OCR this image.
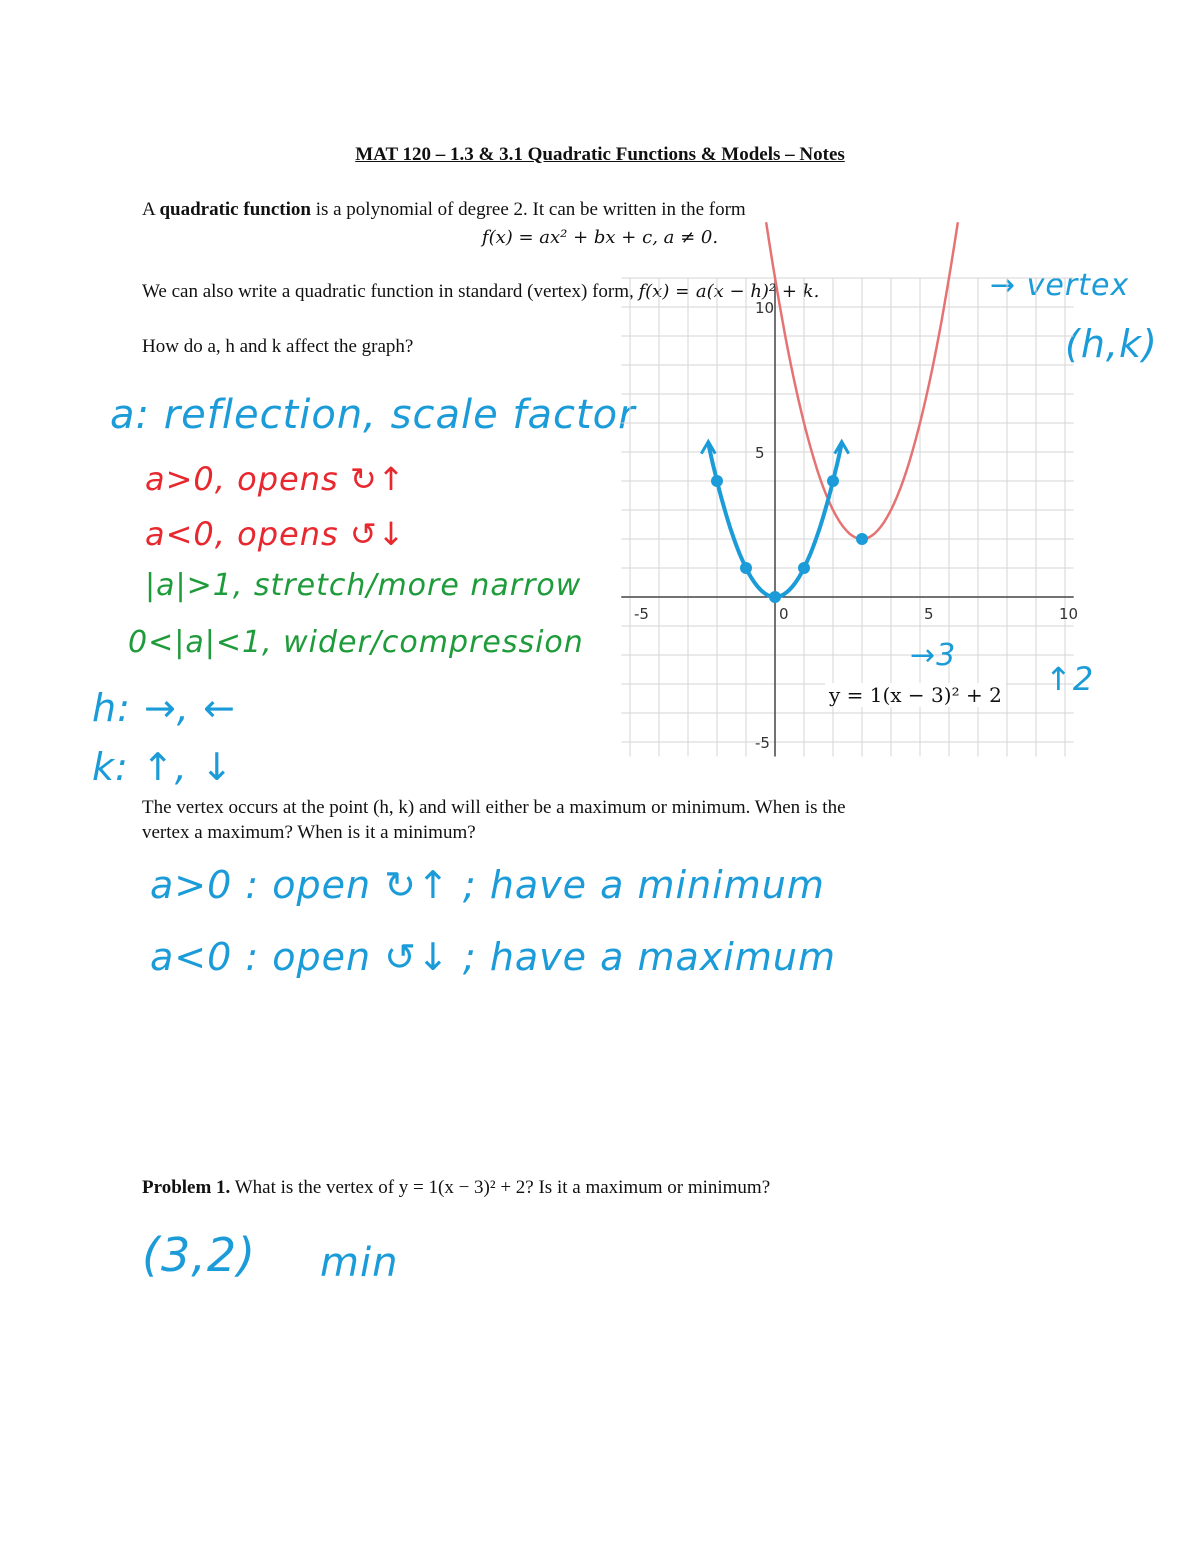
MAT 120 – 1.3 & 3.1 Quadratic Functions & Models – Notes
A quadratic function is a polynomial of degree 2. It can be written in the form
f(x) = ax² + bx + c, a ≠ 0.
We can also write a quadratic function in standard (vertex) form, f(x) = a(x − h)² + k.
How do a, h and k affect the graph?
→ vertex
(h,k)
a: reflection, scale factor
a>0, opens ↻↑
a<0, opens ↺↓
|a|>1, stretch/more narrow
0<|a|<1, wider/compression
h: →, ←
k: ↑, ↓
-5	0	5	10
10
5
-5
→3
↑2
y = 1(x − 3)² + 2
The vertex occurs at the point (h, k) and will either be a maximum or minimum. When is the
vertex a maximum? When is it a minimum?
a>0 : open ↻↑ ; have a minimum
a<0 : open ↺↓ ; have a maximum
Problem 1. What is the vertex of y = 1(x − 3)² + 2? Is it a maximum or minimum?
(3,2) min
